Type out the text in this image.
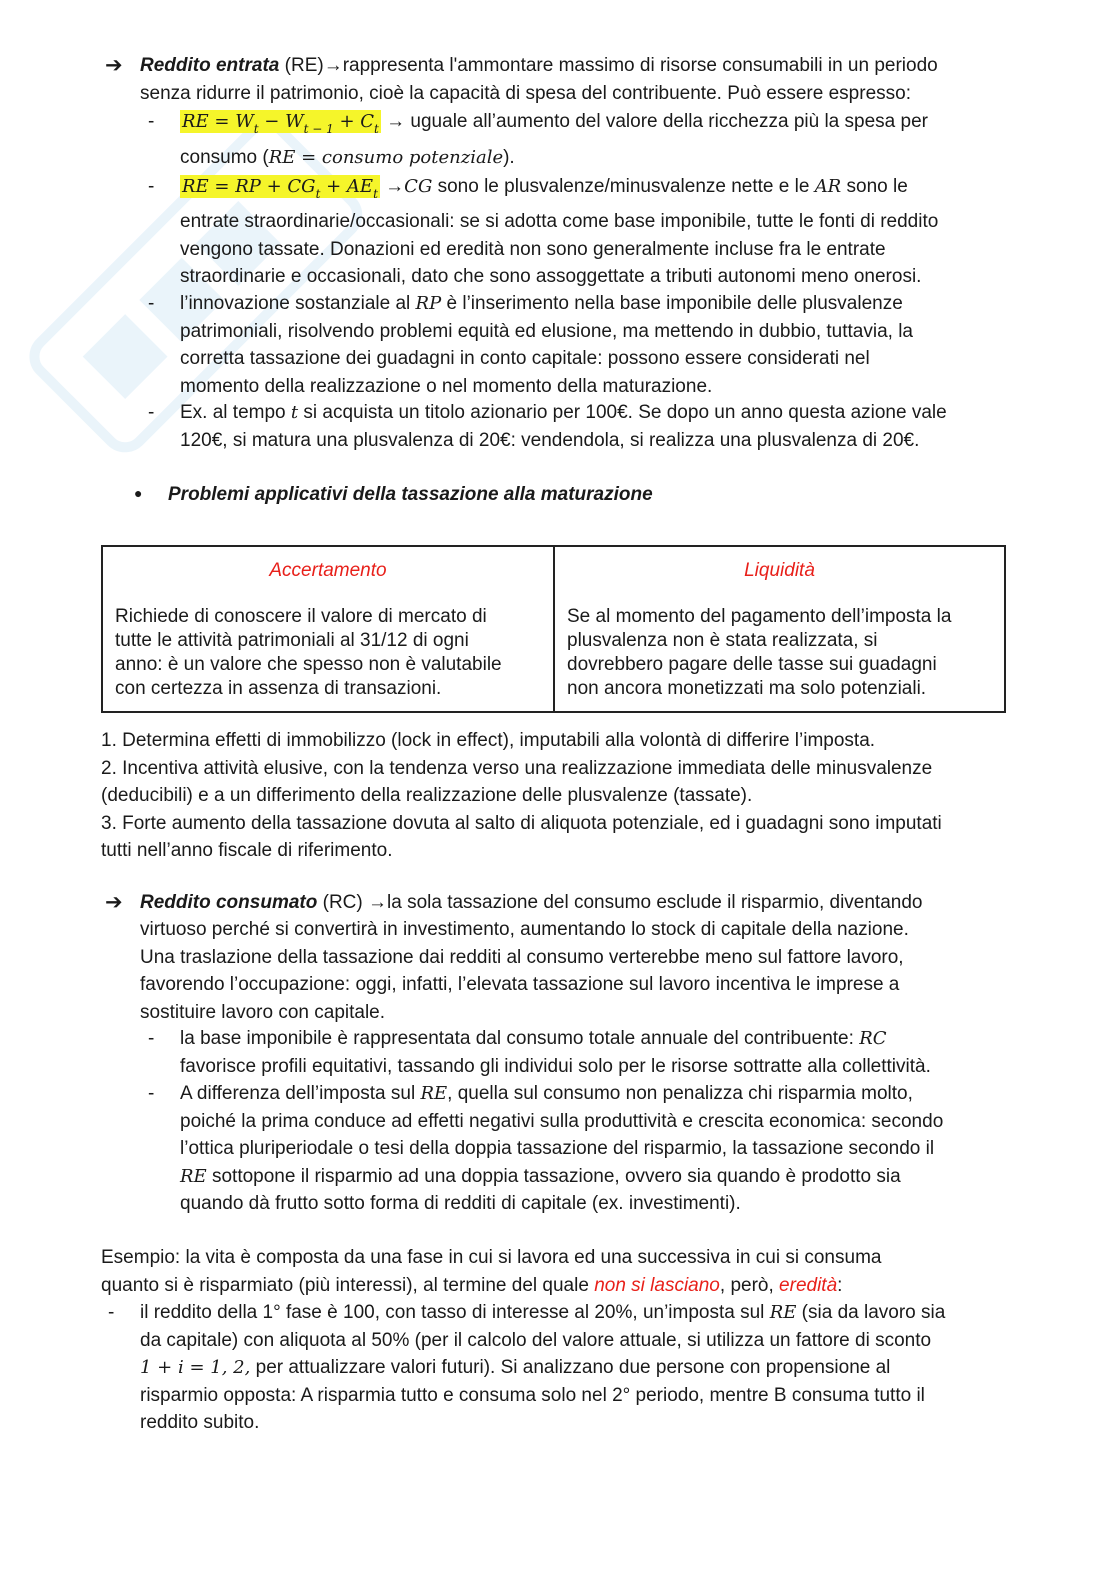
➔ Reddito entrata (RE)→rappresenta l'ammontare massimo di risorse consumabili in un periodo
senza ridurre il patrimonio, cioè la capacità di spesa del contribuente. Può essere espresso:
- RE = $W_t - W_{t - 1} + C_t$ → uguale all’aumento del valore della ricchezza più la spesa per
consumo (RE = consumo potenziale).
- RE = RP + $CG_t + AE_t \to CG$ sono le plusvalenze/minusvalenze nette e le AR sono le
entrate straordinarie/occasionali: se si adotta come base imponibile, tutte le fonti di reddito
vengono tassate. Donazioni ed eredità non sono generalmente incluse fra le entrate
straordinarie e occasionali, dato che sono assoggettate a tributi autonomi meno onerosi.
- l’innovazione sostanziale al RP è l’inserimento nella base imponibile delle plusvalenze
patrimoniali, risolvendo problemi equità ed elusione, ma mettendo in dubbio, tuttavia, la
corretta tassazione dei guadagni in conto capitale: possono essere considerati nel
momento della realizzazione o nel momento della maturazione.
- Ex. al tempo t si acquista un titolo azionario per 100€. Se dopo un anno questa azione vale
120€, si matura una plusvalenza di 20€: vendendola, si realizza una plusvalenza di 20€.
● Problemi applicativi della tassazione alla maturazione
Accertamento
Richiede di conoscere il valore di mercato di
tutte le attività patrimoniali al 31/12 di ogni
anno: è un valore che spesso non è valutabile
con certezza in assenza di transazioni.
Liquidità
Se al momento del pagamento dell’imposta la
plusvalenza non è stata realizzata, si
dovrebbero pagare delle tasse sui guadagni
non ancora monetizzati ma solo potenziali.
1. Determina effetti di immobilizzo (lock in effect), imputabili alla volontà di differire l’imposta.
2. Incentiva attività elusive, con la tendenza verso una realizzazione immediata delle minusvalenze
(deducibili) e a un differimento della realizzazione delle plusvalenze (tassate).
3. Forte aumento della tassazione dovuta al salto di aliquota potenziale, ed i guadagni sono imputati
tutti nell’anno fiscale di riferimento.
➔ Reddito consumato (RC) →la sola tassazione del consumo esclude il risparmio, diventando
virtuoso perché si convertirà in investimento, aumentando lo stock di capitale della nazione.
Una traslazione della tassazione dai redditi al consumo verterebbe meno sul fattore lavoro,
favorendo l’occupazione: oggi, infatti, l’elevata tassazione sul lavoro incentiva le imprese a
sostituire lavoro con capitale.
- la base imponibile è rappresentata dal consumo totale annuale del contribuente: RC
favorisce profili equitativi, tassando gli individui solo per le risorse sottratte alla collettività.
- A differenza dell’imposta sul RE, quella sul consumo non penalizza chi risparmia molto,
poiché la prima conduce ad effetti negativi sulla produttività e crescita economica: secondo
l’ottica pluriperiodale o tesi della doppia tassazione del risparmio, la tassazione secondo il
RE sottopone il risparmio ad una doppia tassazione, ovvero sia quando è prodotto sia
quando dà frutto sotto forma di redditi di capitale (ex. investimenti).
Esempio: la vita è composta da una fase in cui si lavora ed una successiva in cui si consuma
quanto si è risparmiato (più interessi), al termine del quale non si lasciano, però, eredità:
- il reddito della 1° fase è 100, con tasso di interesse al 20%, un’imposta sul RE (sia da lavoro sia
da capitale) con aliquota al 50% (per il calcolo del valore attuale, si utilizza un fattore di sconto
1 + i = 1, 2, per attualizzare valori futuri). Si analizzano due persone con propensione al
risparmio opposta: A risparmia tutto e consuma solo nel 2° periodo, mentre B consuma tutto il
reddito subito.
